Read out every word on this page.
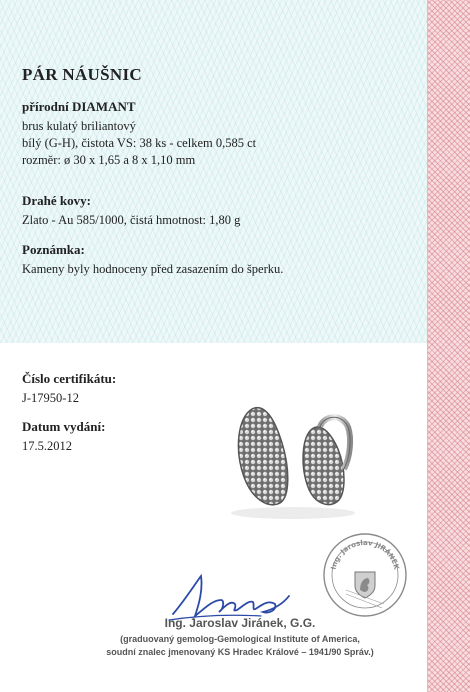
PÁR NÁUŠNIC
přírodní DIAMANT
brus kulatý briliantový
bílý (G-H), čistota VS: 38 ks - celkem 0,585 ct
rozměr: ø 30 x 1,65 a 8 x 1,10 mm
Drahé kovy:
Zlato - Au 585/1000, čistá hmotnost: 1,80 g
Poznámka:
Kameny byly hodnoceny před zasazením do šperku.
Číslo certifikátu:
J-17950-12
Datum vydání:
17.5.2012
Ing. Jaroslav JIRÁNEK
Ing. Jaroslav Jiránek, G.G.
(graduovaný gemolog-Gemological Institute of America,
soudní znalec jmenovaný KS Hradec Králové – 1941/90 Správ.)
